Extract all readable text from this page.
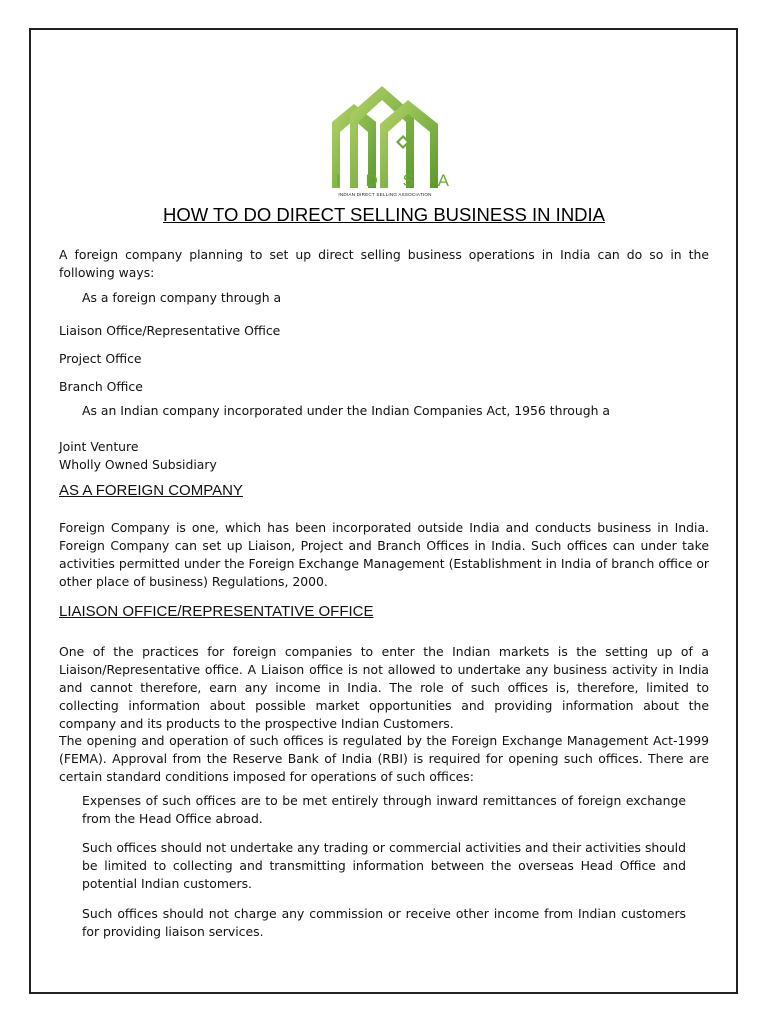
I D S A
INDIAN DIRECT SELLING ASSOCIATION
HOW TO DO DIRECT SELLING BUSINESS IN INDIA

A foreign company planning to set up direct selling business operations in India can do so in the following ways:

As a foreign company through a
Liaison Office/Representative Office
Project Office
Branch Office
As an Indian company incorporated under the Indian Companies Act, 1956 through a
Joint Venture
Wholly Owned Subsidiary
AS A FOREIGN COMPANY

Foreign Company is one, which has been incorporated outside India and conducts business in India. Foreign Company can set up Liaison, Project and Branch Offices in India. Such offices can under take activities permitted under the Foreign Exchange Management (Establishment in India of branch office or other place of business) Regulations, 2000.

LIAISON OFFICE/REPRESENTATIVE OFFICE

One of the practices for foreign companies to enter the Indian markets is the setting up of a Liaison/Representative office. A Liaison office is not allowed to undertake any business activity in India and cannot therefore, earn any income in India. The role of such offices is, therefore, limited to collecting information about possible market opportunities and providing information about the company and its products to the prospective Indian Customers.

The opening and operation of such offices is regulated by the Foreign Exchange Management Act-1999 (FEMA). Approval from the Reserve Bank of India (RBI) is required for opening such offices. There are certain standard conditions imposed for operations of such offices:

Expenses of such offices are to be met entirely through inward remittances of foreign exchange from the Head Office abroad.

Such offices should not undertake any trading or commercial activities and their activities should be limited to collecting and transmitting information between the overseas Head Office and potential Indian customers.

Such offices should not charge any commission or receive other income from Indian customers for providing liaison services.
